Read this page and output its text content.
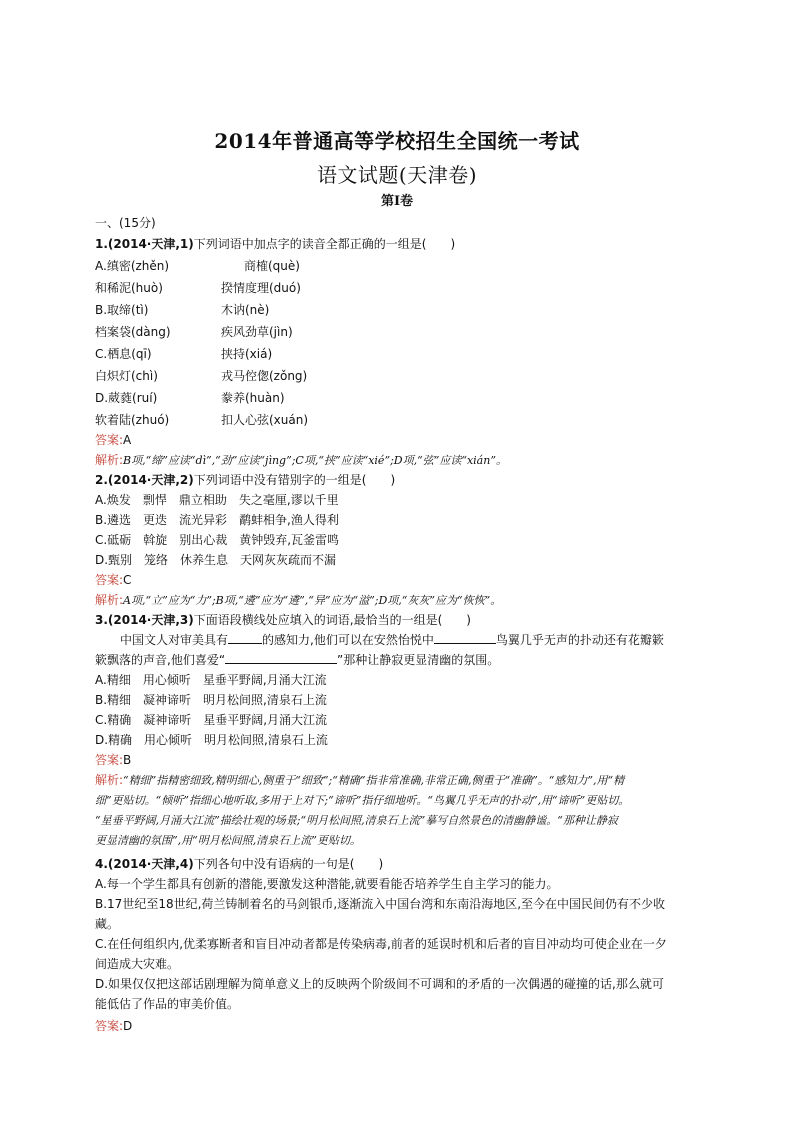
2014年普通高等学校招生全国统一考试
语文试题(天津卷)
第Ⅰ卷
一、(15分)
1.(2014·天津,1)下列词语中加点字的读音全都正确的一组是(　　)
A.缜密(zhěn)	商榷(què)
和稀泥(huò)	揆情度理(duó)
B.取缔(tì)	木讷(nè)
档案袋(dàng)	疾风劲草(jìn)
C.栖息(qī)	挟持(xiá)
白炽灯(chì)	戎马倥偬(zǒng)
D.葳蕤(ruí)	豢养(huàn)
软着陆(zhuó)	扣人心弦(xuán)
答案:A
解析:B项,“缔”应读“dì”,“劲”应读“jìng”;C项,“挟”应读“xié”;D项,“弦”应读“xián”。
2.(2014·天津,2)下列词语中没有错别字的一组是(　　)
A.焕发　剽悍　鼎立相助　失之毫厘,谬以千里
B.遴选　更迭　流光异彩　鹬蚌相争,渔人得利
C.砥砺　斡旋　别出心裁　黄钟毁弃,瓦釜雷鸣
D.甄别　笼络　休养生息　天网灰灰疏而不漏
答案:C
解析:A项,“立”应为“力”;B项,“遴”应为“遴”,“异”应为“溢”;D项,“灰灰”应为“恢恢”。
3.(2014·天津,3)下面语段横线处应填入的词语,最恰当的一组是(　　)
中国文人对审美具有	的感知力,他们可以在安然怡悦中	鸟翼几乎无声的扑动还有花瓣簌
簌飘落的声音,他们喜爱“	”那种让静寂更显清幽的氛围。
A.精细　用心倾听　星垂平野阔,月涌大江流
B.精细　凝神谛听　明月松间照,清泉石上流
C.精确　凝神谛听　星垂平野阔,月涌大江流
D.精确　用心倾听　明月松间照,清泉石上流
答案:B
解析:“精细”指精密细致,精明细心,侧重于“细致”;“精确”指非常准确,非常正确,侧重于“准确”。“感知力”,用“精
细”更贴切。“倾听”指细心地听取,多用于上对下;“谛听”指仔细地听。“鸟翼几乎无声的扑动”,用“谛听”更贴切。
“星垂平野阔,月涌大江流”描绘壮观的场景;“明月松间照,清泉石上流”摹写自然景色的清幽静谧。“那种让静寂
更显清幽的氛围”,用“明月松间照,清泉石上流”更贴切。
4.(2014·天津,4)下列各句中没有语病的一句是(　　)
A.每一个学生都具有创新的潜能,要激发这种潜能,就要看能否培养学生自主学习的能力。
B.17世纪至18世纪,荷兰铸制着名的马剑银币,逐渐流入中国台湾和东南沿海地区,至今在中国民间仍有不少收
藏。
C.在任何组织内,优柔寡断者和盲目冲动者都是传染病毒,前者的延误时机和后者的盲目冲动均可使企业在一夕
间造成大灾难。
D.如果仅仅把这部话剧理解为简单意义上的反映两个阶级间不可调和的矛盾的一次偶遇的碰撞的话,那么就可
能低估了作品的审美价值。
答案:D
